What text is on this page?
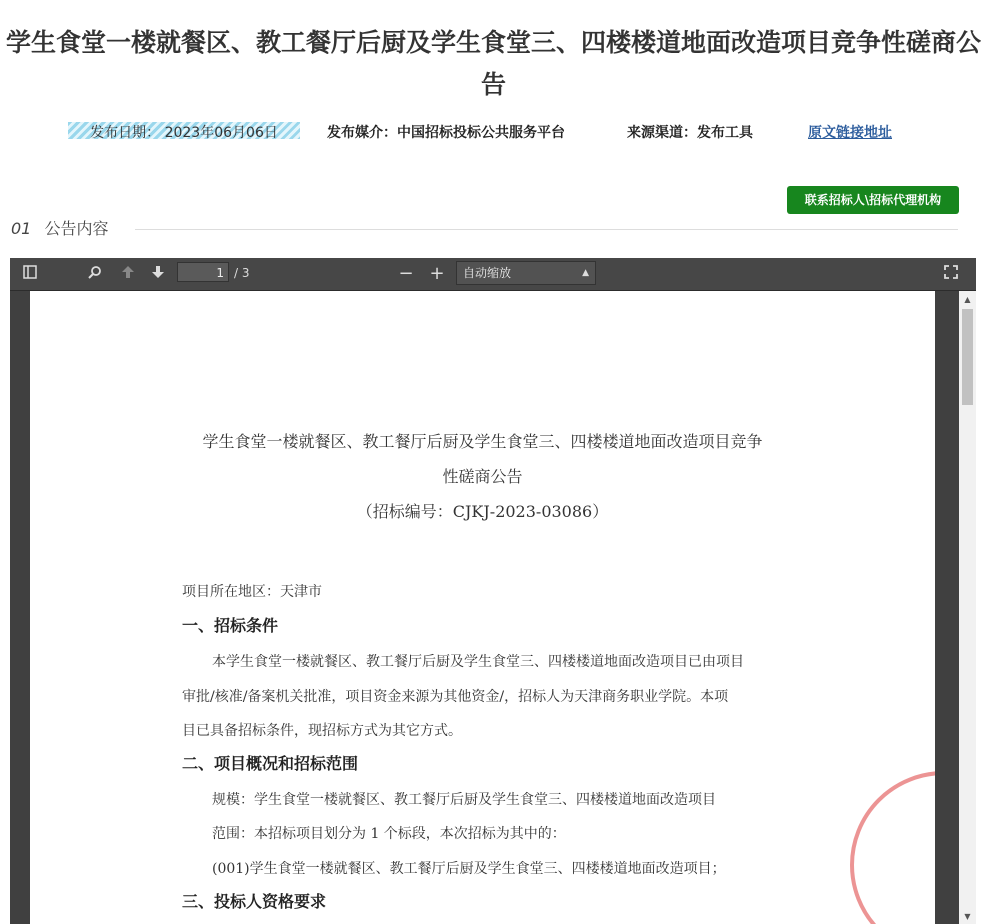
学生食堂一楼就餐区、教工餐厅后厨及学生食堂三、四楼楼道地面改造项目竞争性磋商公
告
发布日期： 2023年06月06日	发布媒介：中国招标投标公共服务平台	来源渠道：发布工具	原文链接地址
联系招标人\招标代理机构
01 公告内容
1 / 3	− +	自动缩放	▲

学生食堂一楼就餐区、教工餐厅后厨及学生食堂三、四楼楼道地面改造项目竞争
性磋商公告
（招标编号：CJKJ-2023-03086）
项目所在地区：天津市
一、招标条件
本学生食堂一楼就餐区、教工餐厅后厨及学生食堂三、四楼楼道地面改造项目已由项目
审批/核准/备案机关批准，项目资金来源为其他资金/，招标人为天津商务职业学院。本项
目已具备招标条件，现招标方式为其它方式。
二、项目概况和招标范围
规模：学生食堂一楼就餐区、教工餐厅后厨及学生食堂三、四楼楼道地面改造项目
范围：本招标项目划分为 1 个标段，本次招标为其中的：
(001)学生食堂一楼就餐区、教工餐厅后厨及学生食堂三、四楼楼道地面改造项目；
三、投标人资格要求
▲
▼
